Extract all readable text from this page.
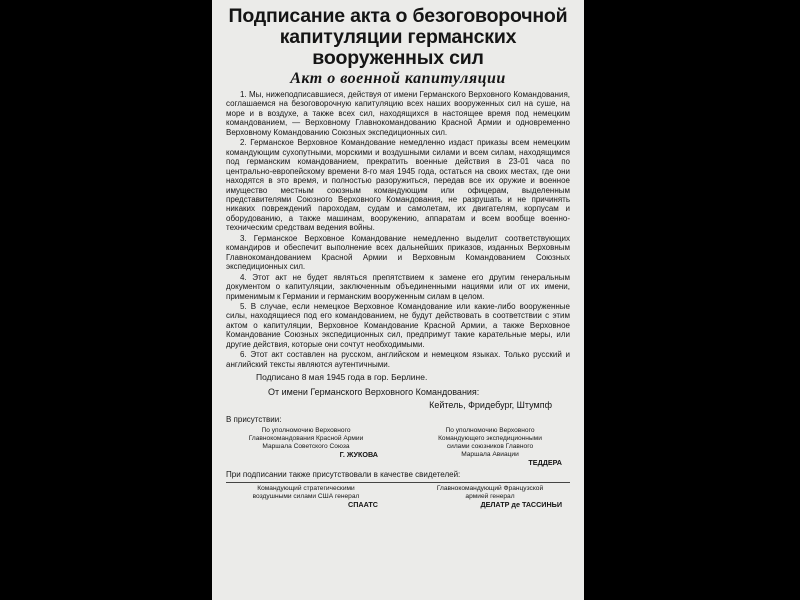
Подписание акта о безоговорочной
капитуляции германских
вооруженных сил
Акт о военной капитуляции

1. Мы, нижеподписавшиеся, действуя от имени Германского Верховного Командования, соглашаемся на безоговорочную капитуляцию всех наших вооруженных сил на суше, на море и в воздухе, а также всех сил, находящихся в настоящее время под немецким командованием, — Верховному Главнокомандованию Красной Армии и одновременно Верховному Командованию Союзных экспедиционных сил.

2. Германское Верховное Командование немедленно издаст приказы всем немецким командующим сухопутными, морскими и воздушными силами и всем силам, находящимся под германским командованием, прекратить военные действия в 23-01 часа по центрально-европейскому времени 8-го мая 1945 года, остаться на своих местах, где они находятся в это время, и полностью разоружиться, передав все их оружие и военное имущество местным союзным командующим или офицерам, выделенным представителями Союзного Верховного Командования, не разрушать и не причинять никаких повреждений пароходам, судам и самолетам, их двигателям, корпусам и оборудованию, а также машинам, вооружению, аппаратам и всем вообще военно-техническим средствам ведения войны.

3. Германское Верховное Командование немедленно выделит соответствующих командиров и обеспечит выполнение всех дальнейших приказов, изданных Верховным Главнокомандованием Красной Армии и Верховным Командованием Союзных экспедиционных сил.

4. Этот акт не будет являться препятствием к замене его другим генеральным документом о капитуляции, заключенным объединенными нациями или от их имени, применимым к Германии и германским вооруженным силам в целом.

5. В случае, если немецкое Верховное Командование или какие-либо вооруженные силы, находящиеся под его командованием, не будут действовать в соответствии с этим актом о капитуляции, Верховное Командование Красной Армии, а также Верховное Командование Союзных экспедиционных сил, предпримут такие карательные меры, или другие действия, которые они сочтут необходимыми.

6. Этот акт составлен на русском, английском и немецком языках. Только русский и английский тексты являются аутентичными.

Подписано 8 мая 1945 года в гор. Берлине.

От имени Германского Верховного Командования:

Кейтель, Фридебург, Штумпф

В присутствии:

По уполномочию Верховного
Главнокомандования Красной Армии
Маршала Советского Союза
Г. ЖУКОВА
По уполномочию Верховного
Командующего экспедиционными
силами союзников Главного
Маршала Авиации
ТЕДДЕРА

При подписании также присутствовали в качестве свидетелей:

Командующий стратегическими
воздушными силами США генерал
СПААТС
Главнокомандующий Французской
армией генерал
ДЕЛАТР де ТАССИНЬИ
